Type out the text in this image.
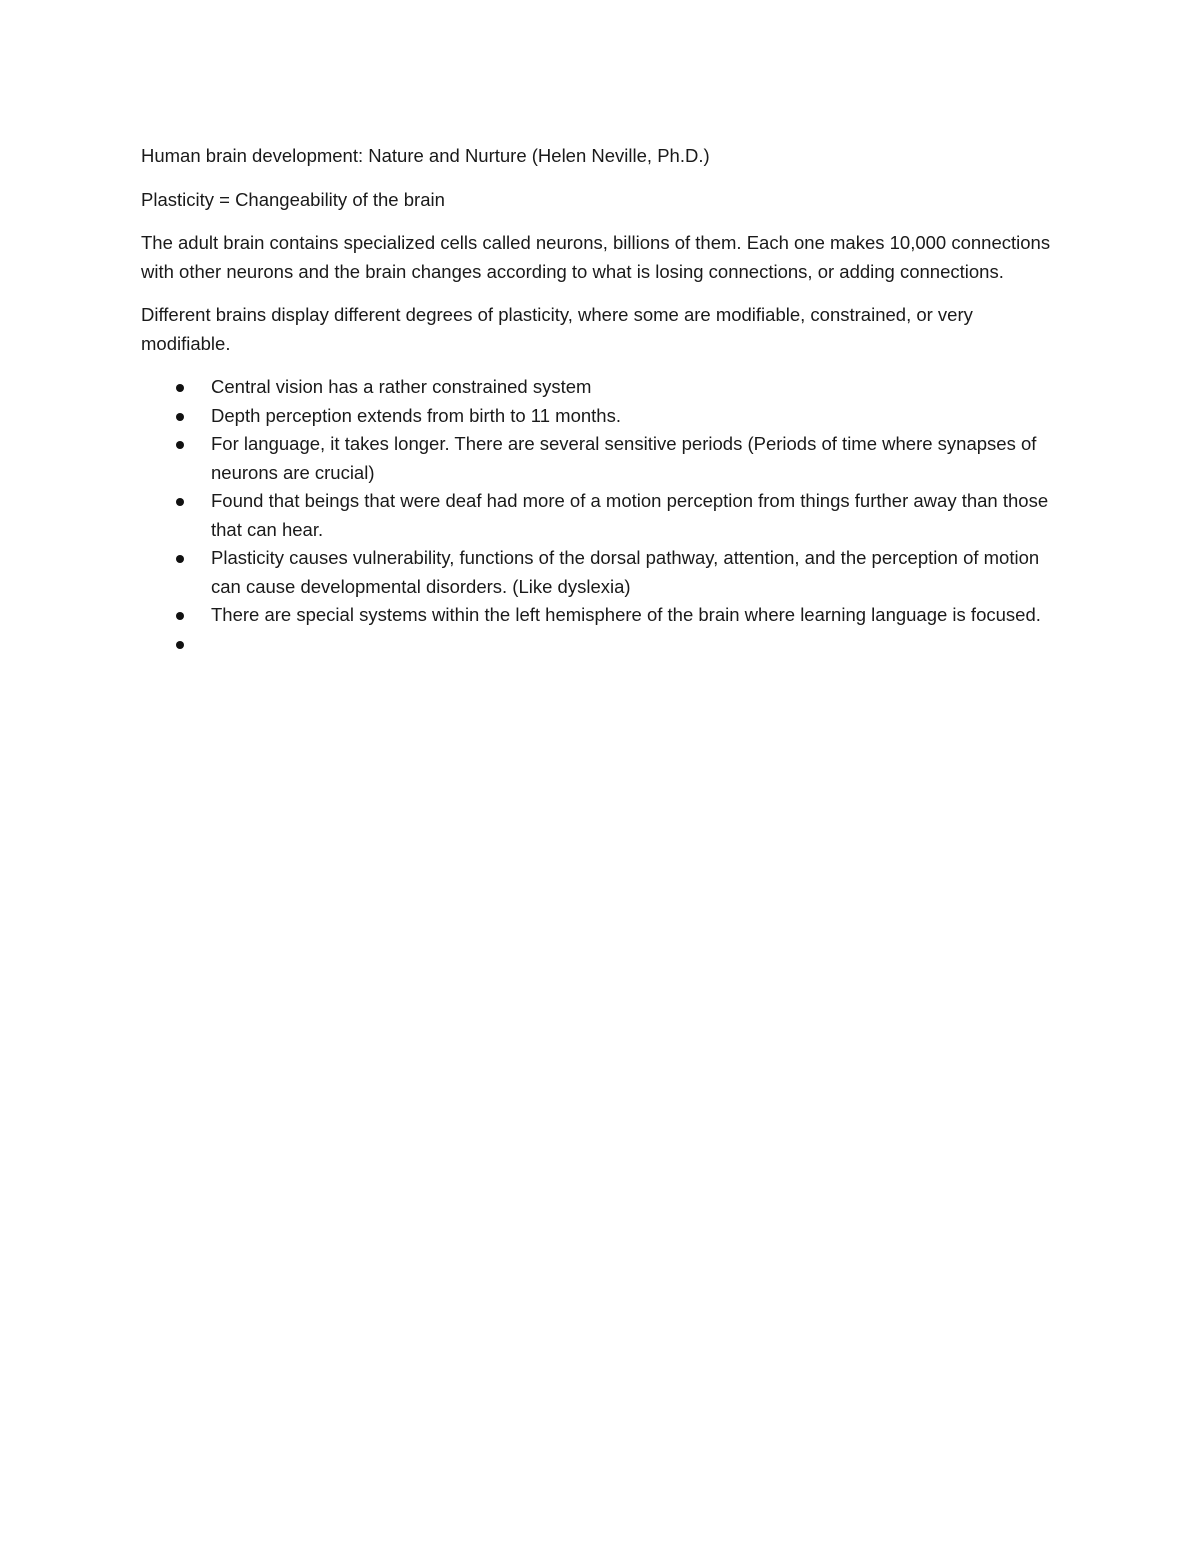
Human brain development: Nature and Nurture (Helen Neville, Ph.D.)

Plasticity = Changeability of the brain

The adult brain contains specialized cells called neurons, billions of them. Each one makes 10,000 connections with other neurons and the brain changes according to what is losing connections, or adding connections.

Different brains display different degrees of plasticity, where some are modifiable, constrained, or very modifiable.

Central vision has a rather constrained system
Depth perception extends from birth to 11 months.
For language, it takes longer. There are several sensitive periods (Periods of time where synapses of neurons are crucial)
Found that beings that were deaf had more of a motion perception from things further away than those that can hear.
Plasticity causes vulnerability, functions of the dorsal pathway, attention, and the perception of motion can cause developmental disorders. (Like dyslexia)
There are special systems within the left hemisphere of the brain where learning language is focused.
